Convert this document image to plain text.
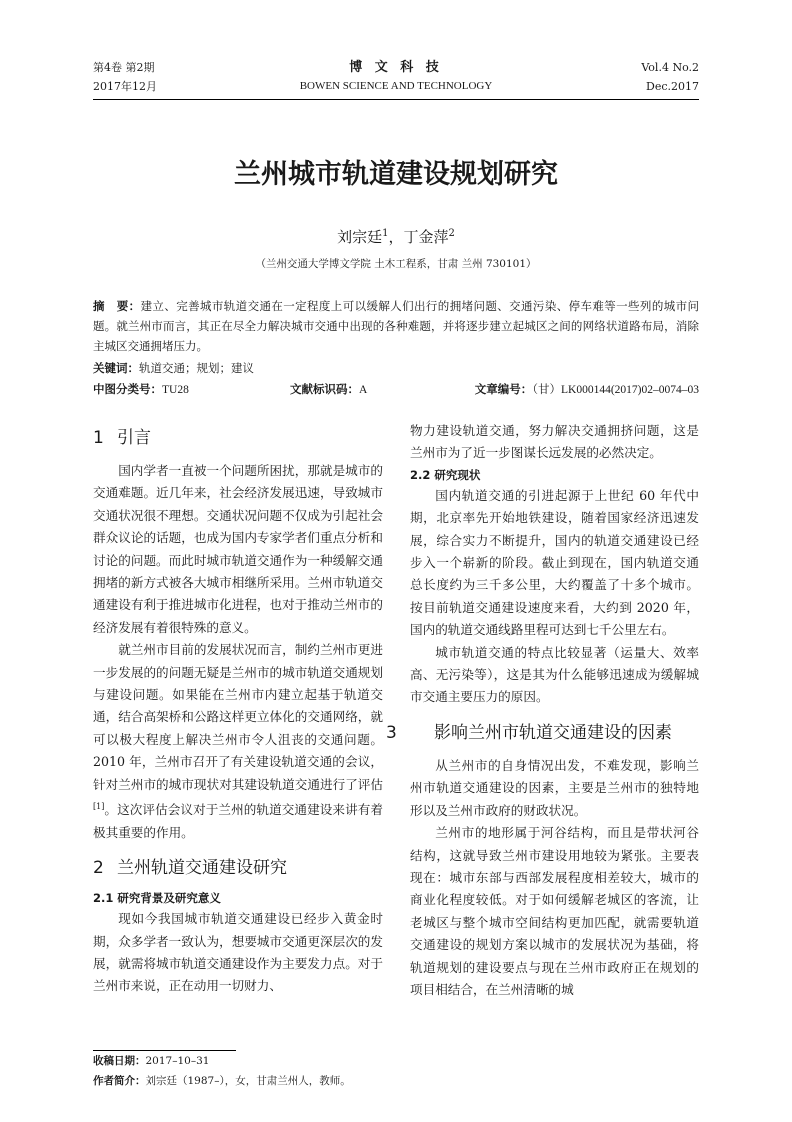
第4卷 第2期
2017年12月
博 文 科 技
BOWEN SCIENCE AND TECHNOLOGY
Vol.4 No.2
Dec.2017
兰州城市轨道建设规划研究
刘宗廷$^1$，丁金萍$^2$
（兰州交通大学博文学院 土木工程系，甘肃 兰州 730101）
摘　要：建立、完善城市轨道交通在一定程度上可以缓解人们出行的拥堵问题、交通污染、停车难等一些列的城市问题。就兰州市而言，其正在尽全力解决城市交通中出现的各种难题，并将逐步建立起城区之间的网络状道路布局，消除主城区交通拥堵压力。
关键词：轨道交通；规划；建议
中图分类号：TU28	文献标识码：A	文章编号：（甘）LK000144(2017)02–0074–03
1 引言

国内学者一直被一个问题所困扰，那就是城市的交通难题。近几年来，社会经济发展迅速，导致城市交通状况很不理想。交通状况问题不仅成为引起社会群众议论的话题，也成为国内专家学者们重点分析和讨论的问题。而此时城市轨道交通作为一种缓解交通拥堵的新方式被各大城市相继所采用。兰州市轨道交通建设有利于推进城市化进程，也对于推动兰州市的经济发展有着很特殊的意义。

就兰州市目前的发展状况而言，制约兰州市更进一步发展的的问题无疑是兰州市的城市轨道交通规划与建设问题。如果能在兰州市内建立起基于轨道交通，结合高架桥和公路这样更立体化的交通网络，就可以极大程度上解决兰州市令人沮丧的交通问题。2010 年，兰州市召开了有关建设轨道交通的会议，针对兰州市的城市现状对其建设轨道交通进行了评估[1]。这次评估会议对于兰州的轨道交通建设来讲有着极其重要的作用。

2 兰州轨道交通建设研究
2.1 研究背景及研究意义

现如今我国城市轨道交通建设已经步入黄金时期，众多学者一致认为，想要城市交通更深层次的发展，就需将城市轨道交通建设作为主要发力点。对于兰州市来说，正在动用一切财力、

物力建设轨道交通，努力解决交通拥挤问题，这是兰州市为了近一步图谋长远发展的必然决定。

2.2 研究现状

国内轨道交通的引进起源于上世纪 60 年代中期，北京率先开始地铁建设，随着国家经济迅速发展，综合实力不断提升，国内的轨道交通建设已经步入一个崭新的阶段。截止到现在，国内轨道交通总长度约为三千多公里，大约覆盖了十多个城市。按目前轨道交通建设速度来看，大约到 2020 年，国内的轨道交通线路里程可达到七千公里左右。

城市轨道交通的特点比较显著（运量大、效率高、无污染等），这是其为什么能够迅速成为缓解城市交通主要压力的原因。

3 影响兰州市轨道交通建设的因素

从兰州市的自身情况出发，不难发现，影响兰州市轨道交通建设的因素，主要是兰州市的独特地形以及兰州市政府的财政状况。

兰州市的地形属于河谷结构，而且是带状河谷结构，这就导致兰州市建设用地较为紧张。主要表现在：城市东部与西部发展程度相差较大，城市的商业化程度较低。对于如何缓解老城区的客流，让老城区与整个城市空间结构更加匹配，就需要轨道交通建设的规划方案以城市的发展状况为基础，将轨道规划的建设要点与现在兰州市政府正在规划的项目相结合，在兰州清晰的城

收稿日期：2017–10–31
作者简介：刘宗廷（1987–），女，甘肃兰州人，教师。
